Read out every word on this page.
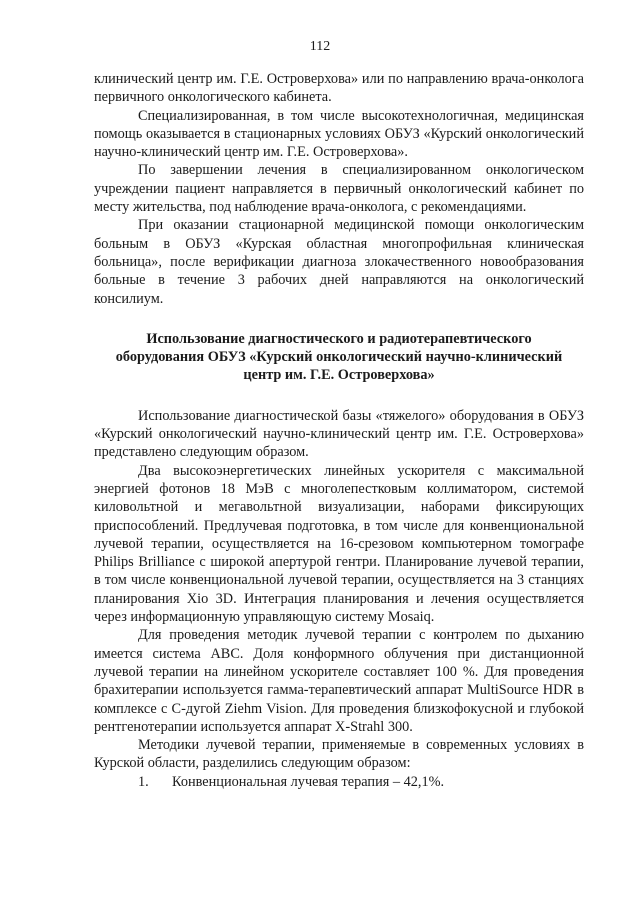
112

клинический центр им. Г.Е. Островерхова» или по направлению врача-онколога первичного онкологического кабинета.

Специализированная, в том числе высокотехнологичная, медицинская помощь оказывается в стационарных условиях ОБУЗ «Курский онкологический научно-клинический центр им. Г.Е. Островерхова».

По завершении лечения в специализированном онкологическом учреждении пациент направляется в первичный онкологический кабинет по месту жительства, под наблюдение врача-онколога, с рекомендациями.

При оказании стационарной медицинской помощи онкологическим больным в ОБУЗ «Курская областная многопрофильная клиническая больница», после верификации диагноза злокачественного новообразования больные в течение 3 рабочих дней направляются на онкологический консилиум.

Использование диагностического и радиотерапевтического
оборудования ОБУЗ «Курский онкологический научно-клинический
центр им. Г.Е. Островерхова»

Использование диагностической базы «тяжелого» оборудования в ОБУЗ «Курский онкологический научно-клинический центр им. Г.Е. Островерхова» представлено следующим образом.

Два высокоэнергетических линейных ускорителя с максимальной энергией фотонов 18 МэВ с многолепестковым коллиматором, системой киловольтной и мегавольтной визуализации, наборами фиксирующих приспособлений. Предлучевая подготовка, в том числе для конвенциональной лучевой терапии, осуществляется на 16-срезовом компьютерном томографе Philips Brilliance с широкой апертурой гентри. Планирование лучевой терапии, в том числе конвенциональной лучевой терапии, осуществляется на 3 станциях планирования Xio 3D. Интеграция планирования и лечения осуществляется через информационную управляющую систему Mosaiq.

Для проведения методик лучевой терапии с контролем по дыханию имеется система ABC. Доля конформного облучения при дистанционной лучевой терапии на линейном ускорителе составляет 100 %. Для проведения брахитерапии используется гамма-терапевтический аппарат MultiSource HDR в комплексе с С-дугой Ziehm Vision. Для проведения близкофокусной и глубокой рентгенотерапии используется аппарат X-Strahl 300.

Методики лучевой терапии, применяемые в современных условиях в Курской области, разделились следующим образом:

1.	Конвенциональная лучевая терапия – 42,1%.
